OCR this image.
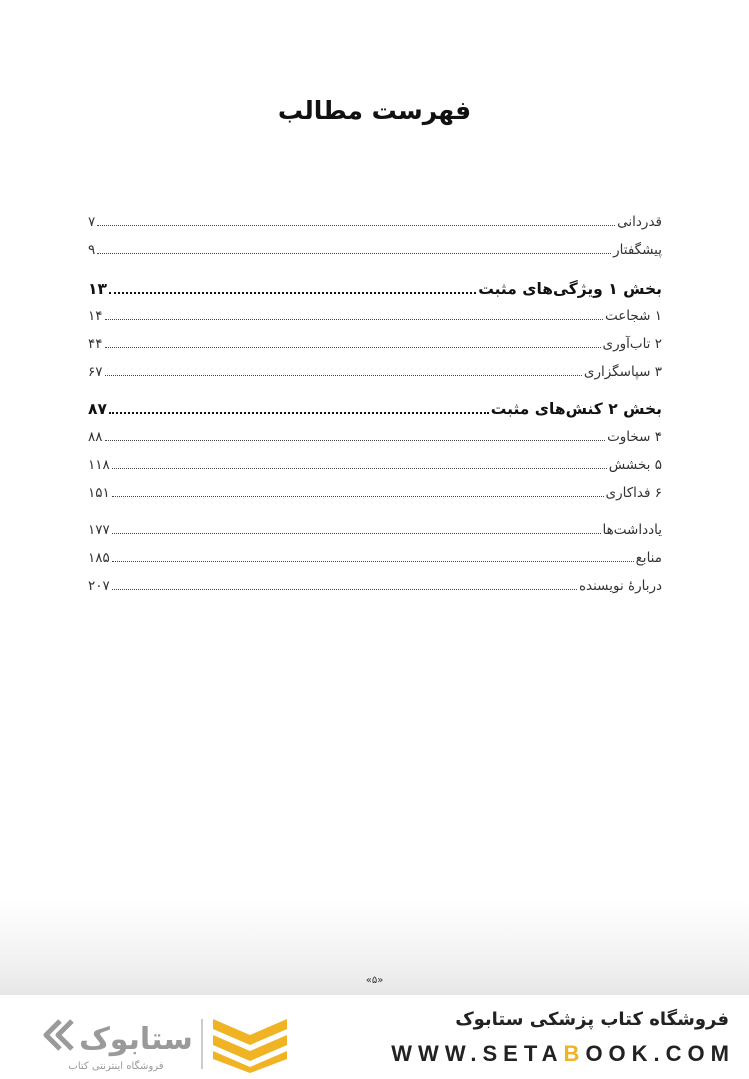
فهرست مطالب
قدردانی
۷
پیشگفتار
۹
بخش ۱ ویژگی‌های مثبت
۱۳
۱ شجاعت
۱۴
۲ تاب‌آوری
۴۴
۳ سپاسگزاری
۶۷
بخش ۲ کنش‌های مثبت
۸۷
۴ سخاوت
۸۸
۵ بخشش
۱۱۸
۶ فداکاری
۱۵۱
یادداشت‌ها
۱۷۷
منابع
۱۸۵
دربارهٔ نویسنده
۲۰۷
«۵»
ستابوک
فروشگاه اینترنتی کتاب
فروشگاه کتاب پزشکی ستابوک
WWW.SETABOOK.COM
